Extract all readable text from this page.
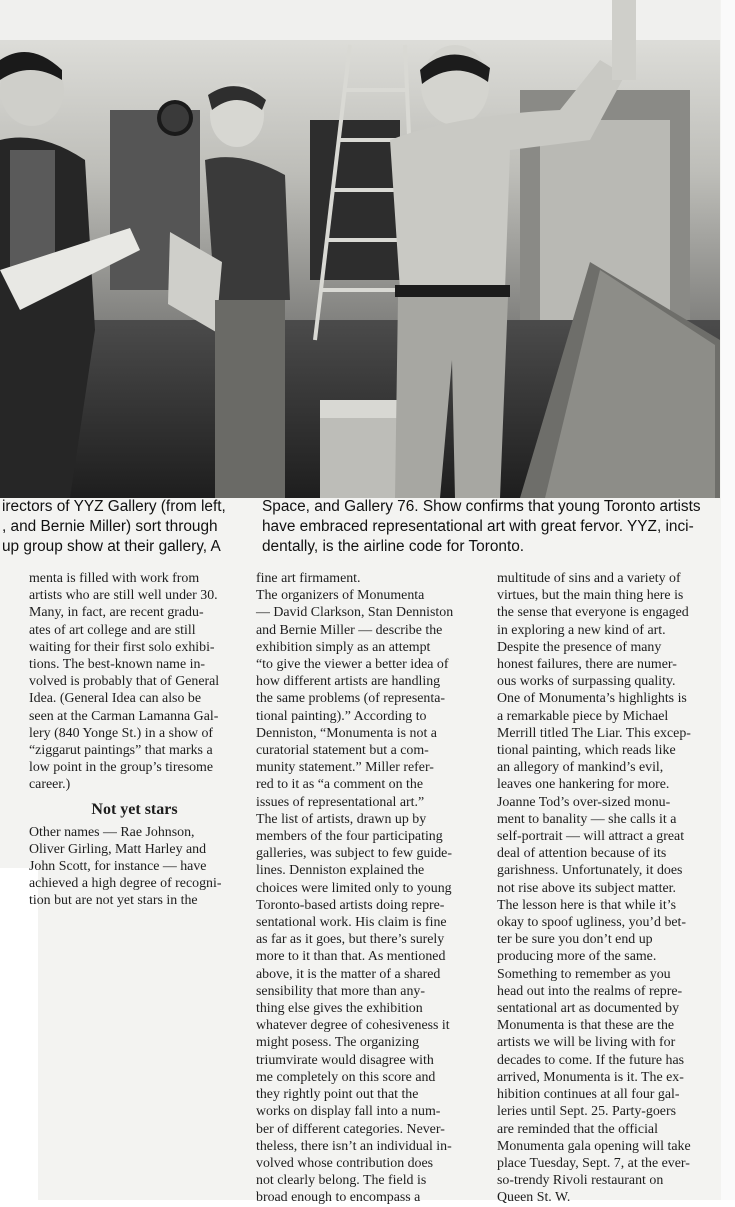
irectors of YYZ Gallery (from left,
, and Bernie Miller) sort through
up group show at their gallery, A
Space, and Gallery 76. Show confirms that young Toronto artists
have embraced representational art with great fervor. YYZ, inci-
dentally, is the airline code for Toronto.
menta is filled with work from
artists who are still well under 30.
Many, in fact, are recent gradu-
ates of art college and are still
waiting for their first solo exhibi-
tions. The best-known name in-
volved is probably that of General
Idea. (General Idea can also be
seen at the Carman Lamanna Gal-
lery (840 Yonge St.) in a show of
“ziggarut paintings” that marks a
low point in the group’s tiresome
career.)
Not yet stars
Other names — Rae Johnson,
Oliver Girling, Matt Harley and
John Scott, for instance — have
achieved a high degree of recogni-
tion but are not yet stars in the
fine art firmament.
The organizers of Monumenta
— David Clarkson, Stan Denniston
and Bernie Miller — describe the
exhibition simply as an attempt
“to give the viewer a better idea of
how different artists are handling
the same problems (of representa-
tional painting).” According to
Denniston, “Monumenta is not a
curatorial statement but a com-
munity statement.” Miller refer-
red to it as “a comment on the
issues of representational art.”
The list of artists, drawn up by
members of the four participating
galleries, was subject to few guide-
lines. Denniston explained the
choices were limited only to young
Toronto-based artists doing repre-
sentational work. His claim is fine
as far as it goes, but there’s surely
more to it than that. As mentioned
above, it is the matter of a shared
sensibility that more than any-
thing else gives the exhibition
whatever degree of cohesiveness it
might posess. The organizing
triumvirate would disagree with
me completely on this score and
they rightly point out that the
works on display fall into a num-
ber of different categories. Never-
theless, there isn’t an individual in-
volved whose contribution does
not clearly belong. The field is
broad enough to encompass a
multitude of sins and a variety of
virtues, but the main thing here is
the sense that everyone is engaged
in exploring a new kind of art.
Despite the presence of many
honest failures, there are numer-
ous works of surpassing quality.
One of Monumenta’s highlights is
a remarkable piece by Michael
Merrill titled The Liar. This excep-
tional painting, which reads like
an allegory of mankind’s evil,
leaves one hankering for more.
Joanne Tod’s over-sized monu-
ment to banality — she calls it a
self-portrait — will attract a great
deal of attention because of its
garishness. Unfortunately, it does
not rise above its subject matter.
The lesson here is that while it’s
okay to spoof ugliness, you’d bet-
ter be sure you don’t end up
producing more of the same.
Something to remember as you
head out into the realms of repre-
sentational art as documented by
Monumenta is that these are the
artists we will be living with for
decades to come. If the future has
arrived, Monumenta is it. The ex-
hibition continues at all four gal-
leries until Sept. 25. Party-goers
are reminded that the official
Monumenta gala opening will take
place Tuesday, Sept. 7, at the ever-
so-trendy Rivoli restaurant on
Queen St. W.
